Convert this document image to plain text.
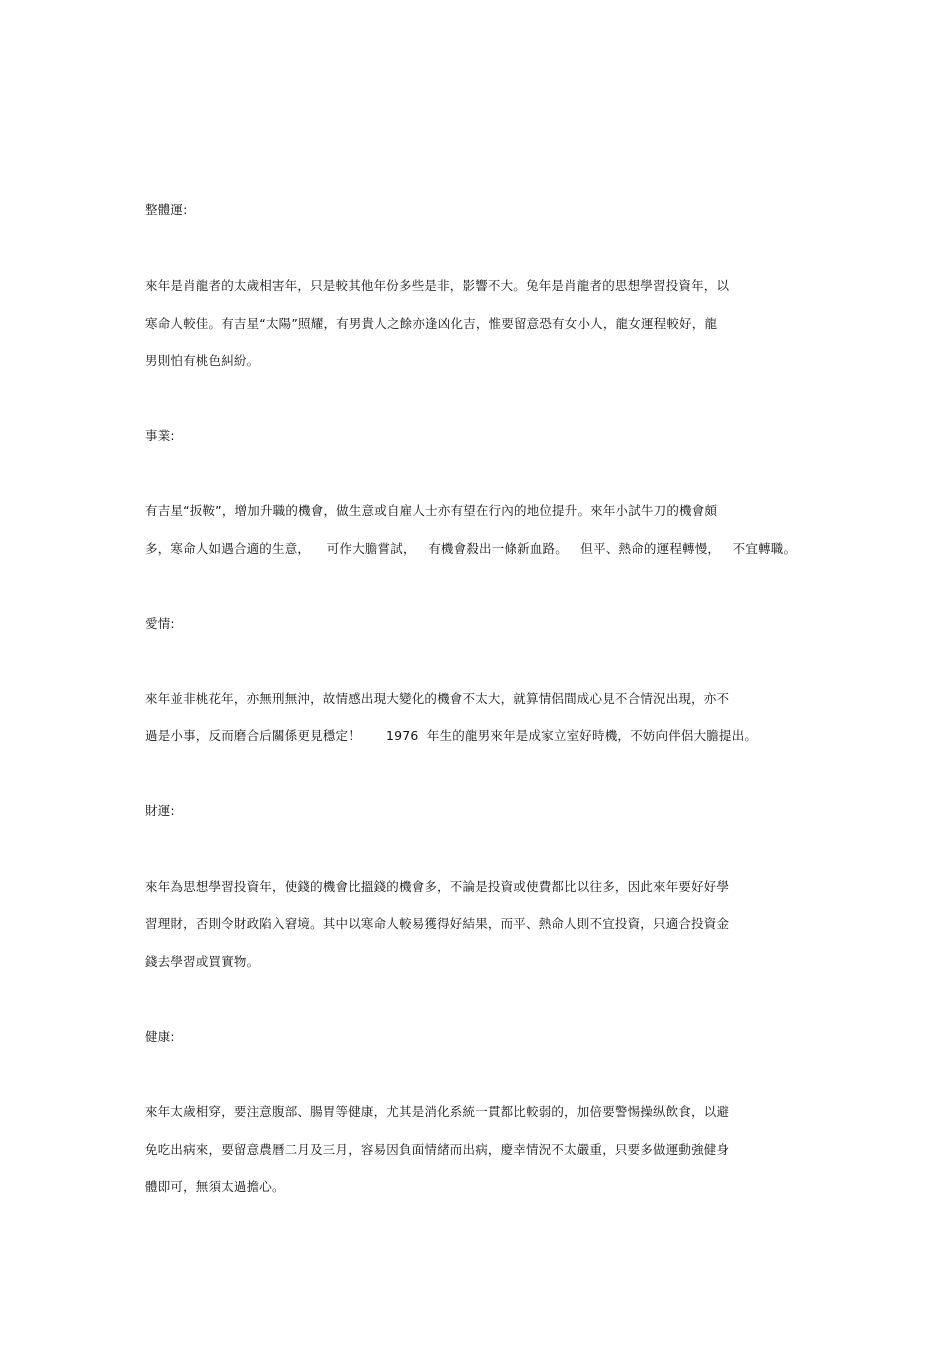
整體運:
來年是肖龍者的太歲相害年，只是較其他年份多些是非，影響不大。兔年是肖龍者的思想學習投資年，以
寒命人較佳。有吉星“太陽”照耀，有男貴人之餘亦逢凶化吉，惟要留意恐有女小人，龍女運程較好，龍
男則怕有桃色糾紛。
事業:
有吉星“扳鞍”，增加升職的機會，做生意或自雇人士亦有望在行內的地位提升。來年小試牛刀的機會頗
多，寒命人如遇合適的生意，    可作大膽嘗試，   有機會殺出一條新血路。   但平、熱命的運程轉慢，   不宜轉職。
愛情:
來年並非桃花年，亦無刑無沖，故情感出現大變化的機會不太大，就算情侶間成心見不合情況出現，亦不
過是小事，反而磨合后關係更見穩定！      1976  年生的龍男來年是成家立室好時機，不妨向伴侶大膽提出。
財運:
來年為思想學習投資年，使錢的機會比搵錢的機會多，不論是投資或使費都比以往多，因此來年要好好學
習理財，否則令財政陷入窘境。其中以寒命人較易獲得好結果，而平、熱命人則不宜投資，只適合投資金
錢去學習或買實物。
健康:
來年太歲相穿，要注意腹部、腸胃等健康，尤其是消化系統一貫都比較弱的，加倍要警惕操纵飲食，以避
免吃出病來，要留意農曆二月及三月，容易因負面情緒而出病，慶幸情況不太嚴重，只要多做運動強健身
體即可，無須太過擔心。
